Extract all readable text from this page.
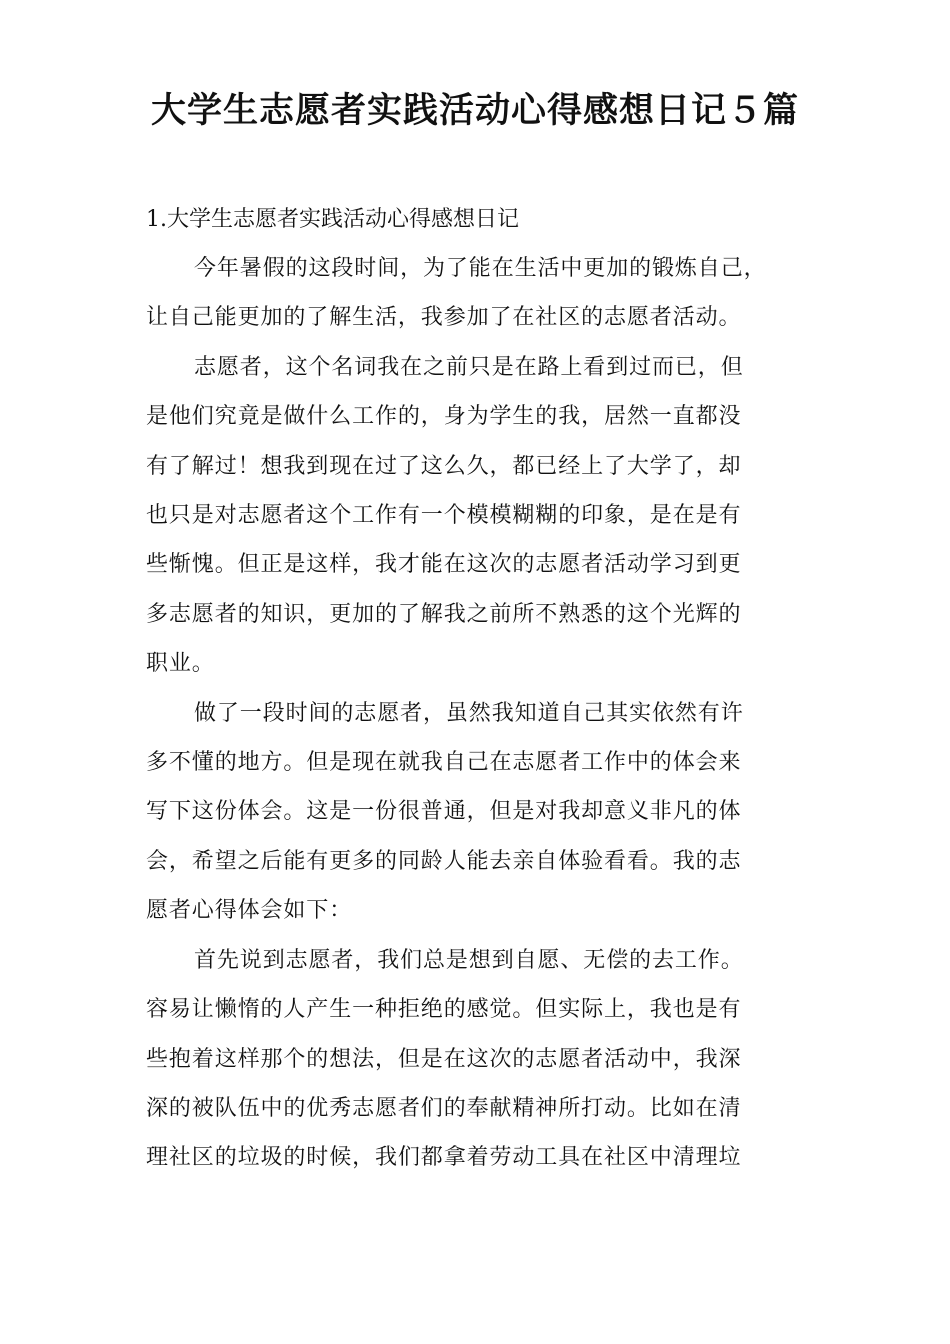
大学生志愿者实践活动心得感想日记５篇
1.大学生志愿者实践活动心得感想日记

今年暑假的这段时间，为了能在生活中更加的锻炼自己，
让自己能更加的了解生活，我参加了在社区的志愿者活动。

志愿者，这个名词我在之前只是在路上看到过而已，但
是他们究竟是做什么工作的，身为学生的我，居然一直都没
有了解过！想我到现在过了这么久，都已经上了大学了，却
也只是对志愿者这个工作有一个模模糊糊的印象，是在是有
些惭愧。但正是这样，我才能在这次的志愿者活动学习到更
多志愿者的知识，更加的了解我之前所不熟悉的这个光辉的
职业。

做了一段时间的志愿者，虽然我知道自己其实依然有许
多不懂的地方。但是现在就我自己在志愿者工作中的体会来
写下这份体会。这是一份很普通，但是对我却意义非凡的体
会，希望之后能有更多的同龄人能去亲自体验看看。我的志
愿者心得体会如下：

首先说到志愿者，我们总是想到自愿、无偿的去工作。
容易让懒惰的人产生一种拒绝的感觉。但实际上，我也是有
些抱着这样那个的想法，但是在这次的志愿者活动中，我深
深的被队伍中的优秀志愿者们的奉献精神所打动。比如在清
理社区的垃圾的时候，我们都拿着劳动工具在社区中清理垃
